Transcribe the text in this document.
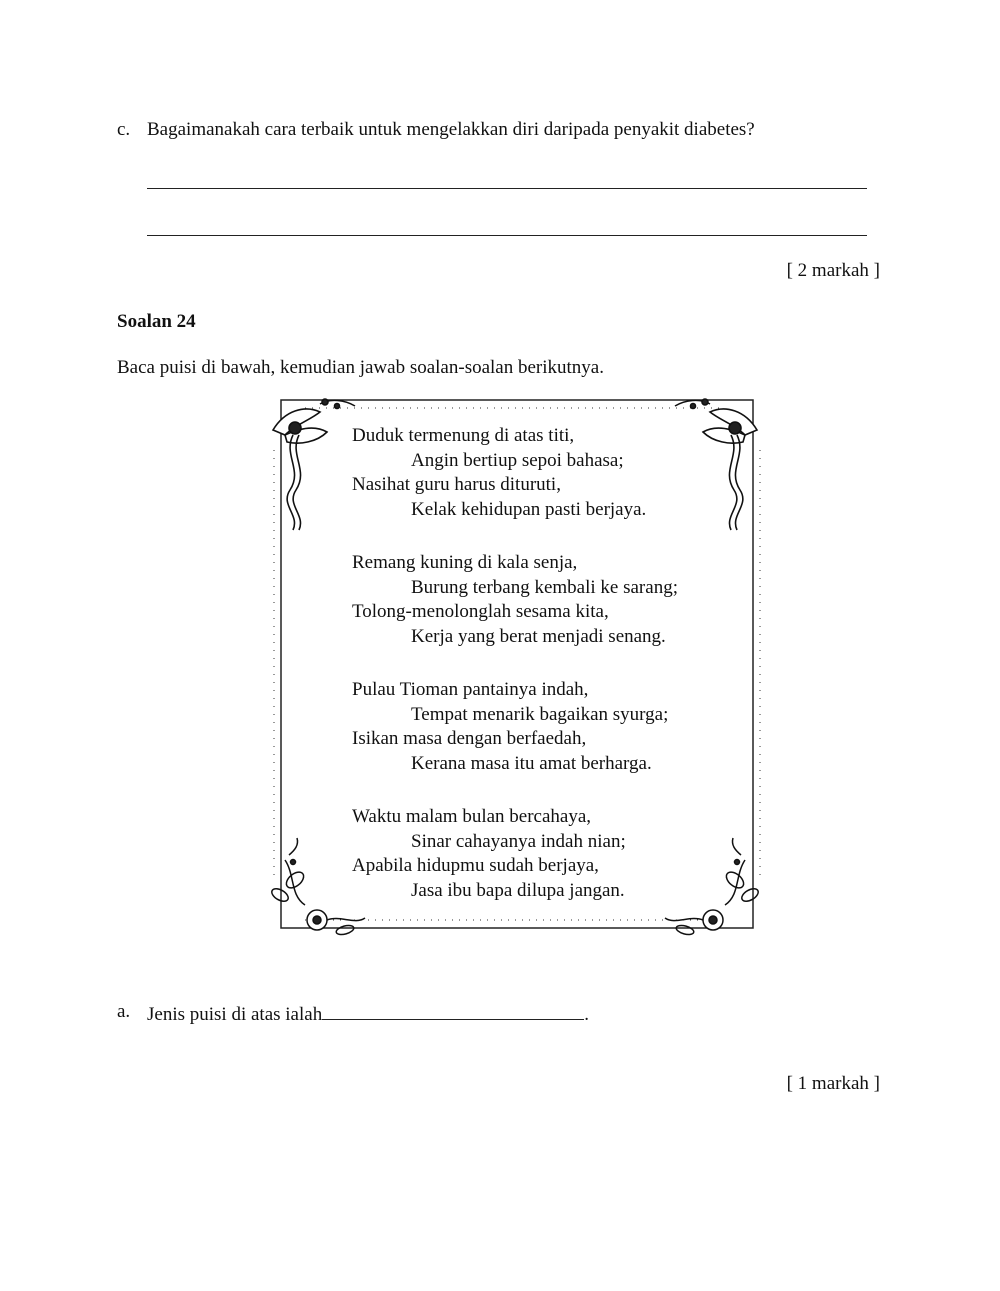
c. Bagaimanakah cara terbaik untuk mengelakkan diri daripada penyakit diabetes?
[ 2 markah ]
Soalan 24
Baca puisi di bawah, kemudian jawab soalan-soalan berikutnya.
Duduk termenung di atas titi,
Angin bertiup sepoi bahasa;
Nasihat guru harus dituruti,
Kelak kehidupan pasti berjaya.
Remang kuning di kala senja,
Burung terbang kembali ke sarang;
Tolong-menolonglah sesama kita,
Kerja yang berat menjadi senang.
Pulau Tioman pantainya indah,
Tempat menarik bagaikan syurga;
Isikan masa dengan berfaedah,
Kerana masa itu amat berharga.
Waktu malam bulan bercahaya,
Sinar cahayanya indah nian;
Apabila hidupmu sudah berjaya,
Jasa ibu bapa dilupa jangan.
a. Jenis puisi di atas ialah	.
[ 1 markah ]
